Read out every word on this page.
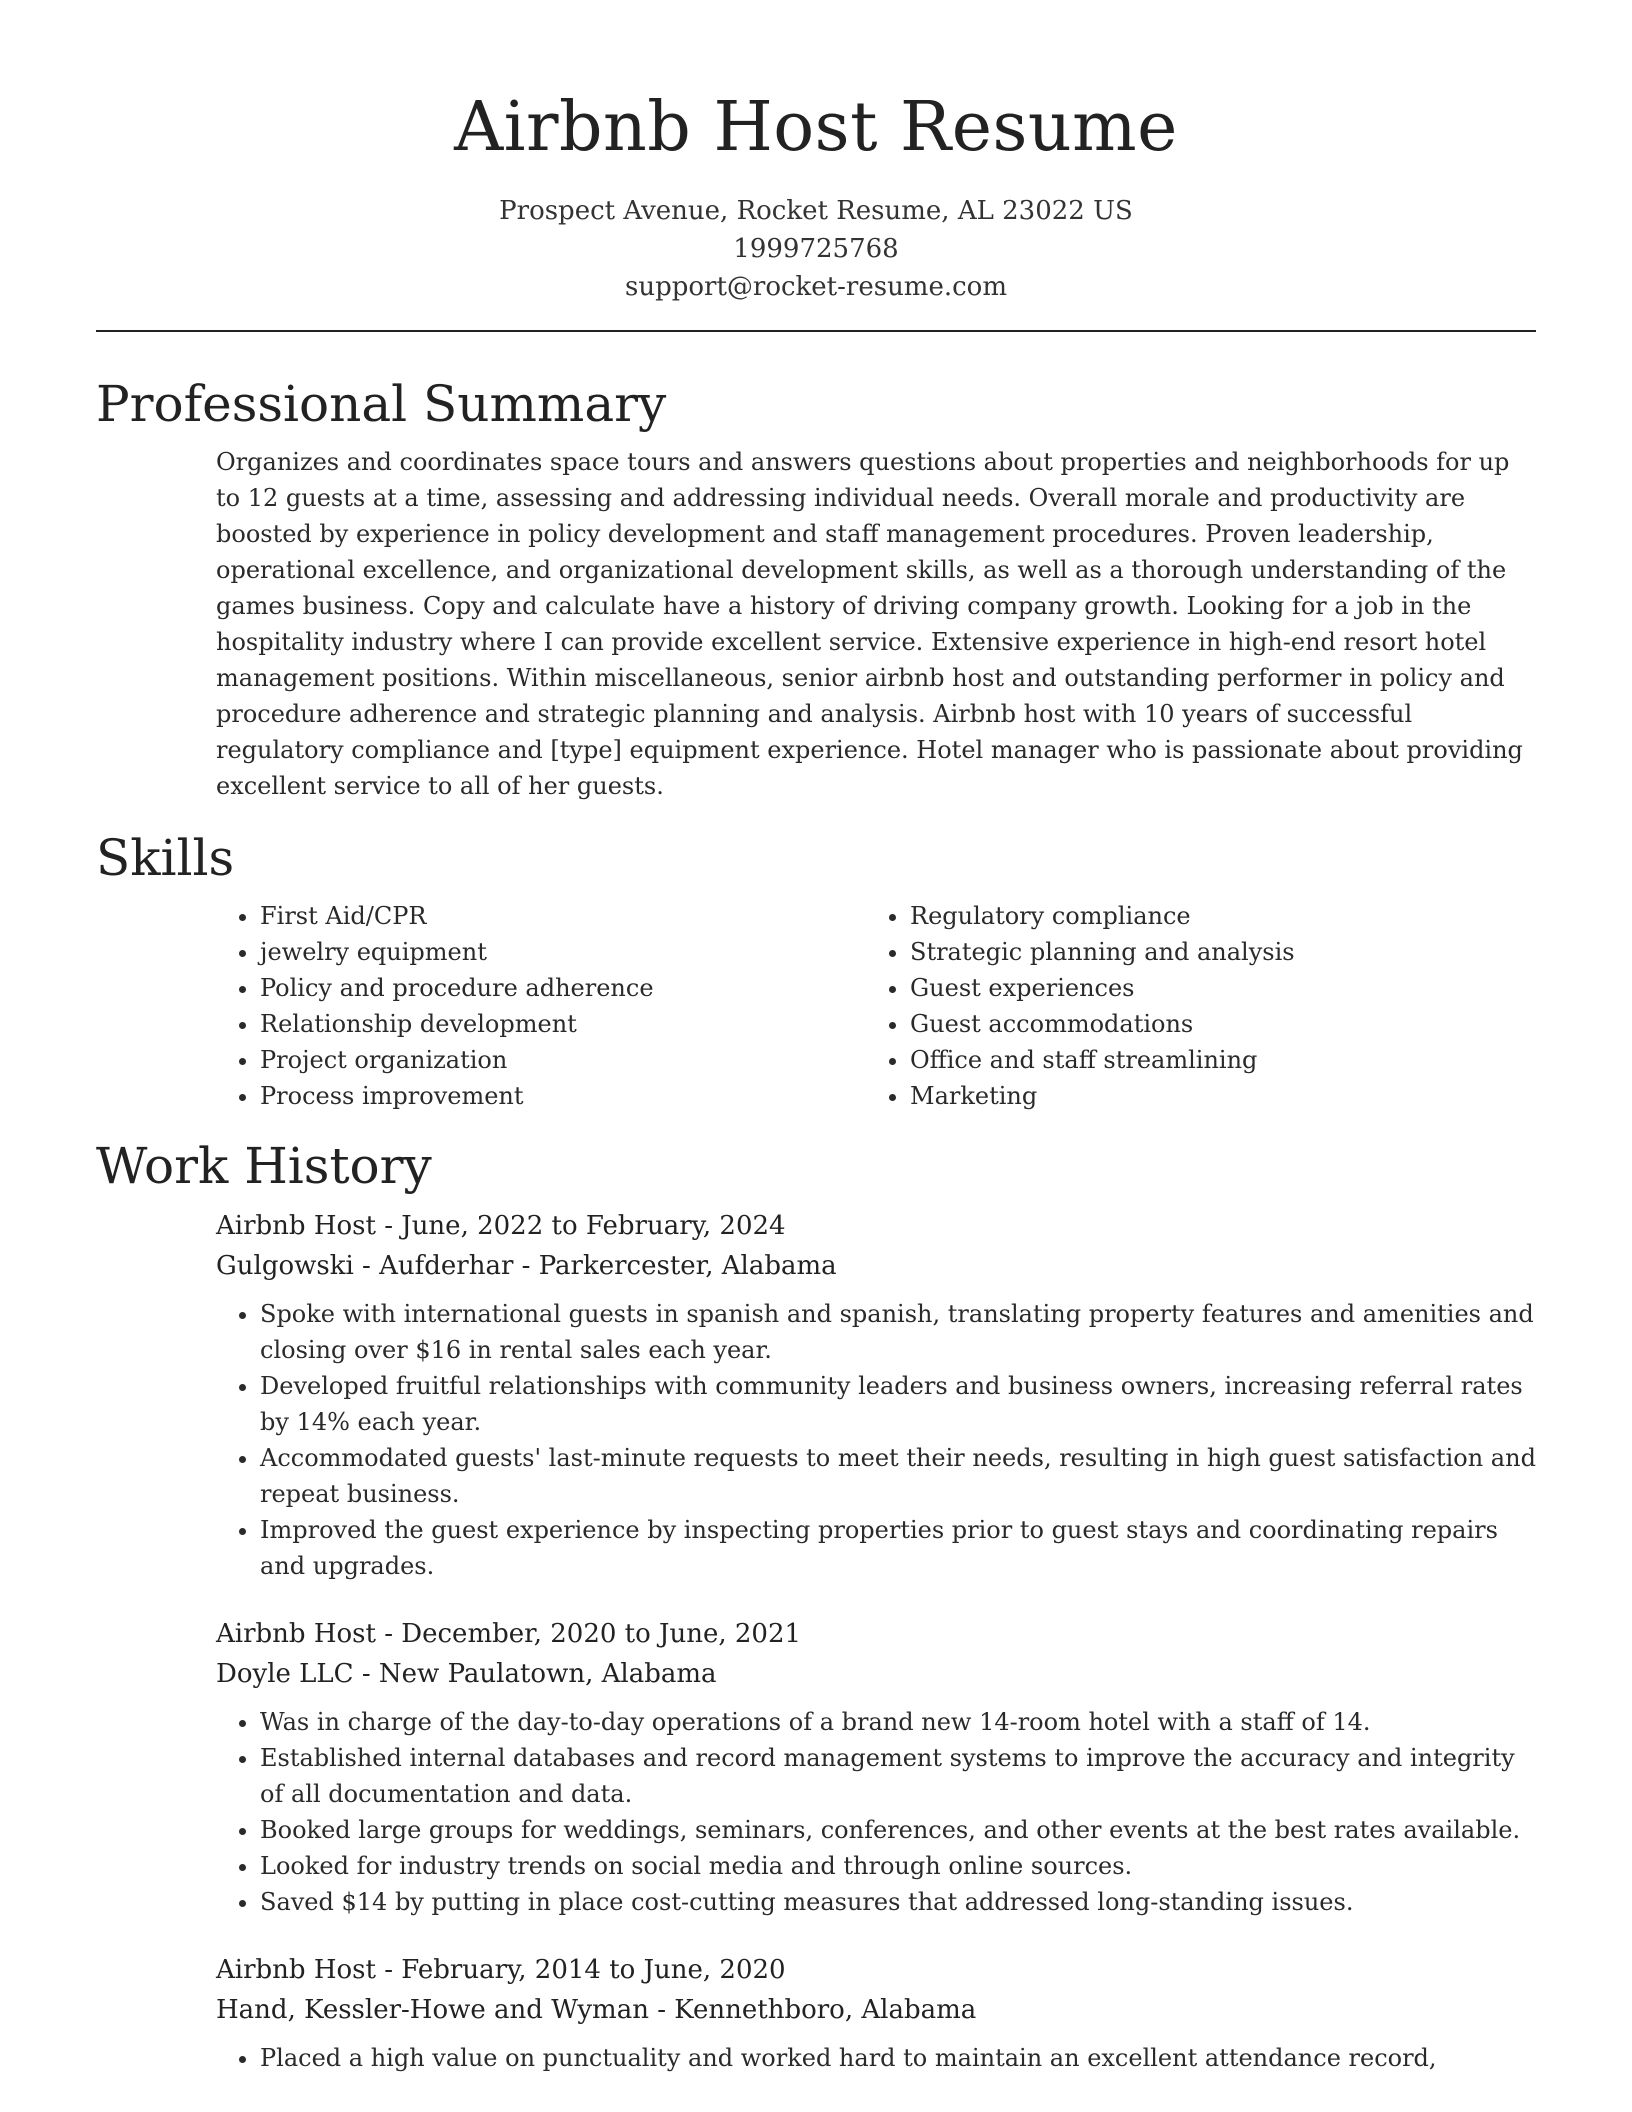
Airbnb Host Resume
Prospect Avenue, Rocket Resume, AL 23022 US
1999725768
support@rocket-resume.com
Professional Summary

Organizes and coordinates space tours and answers questions about properties and neighborhoods for up to 12 guests at a time, assessing and addressing individual needs. Overall morale and productivity are boosted by experience in policy development and staff management procedures. Proven leadership, operational excellence, and organizational development skills, as well as a thorough understanding of the games business. Copy and calculate have a history of driving company growth. Looking for a job in the hospitality industry where I can provide excellent service. Extensive experience in high-end resort hotel management positions. Within miscellaneous, senior airbnb host and outstanding performer in policy and procedure adherence and strategic planning and analysis. Airbnb host with 10 years of successful regulatory compliance and [type] equipment experience. Hotel manager who is passionate about providing excellent service to all of her guests.

Skills
• First Aid/CPR
• jewelry equipment
• Policy and procedure adherence
• Relationship development
• Project organization
• Process improvement
• Regulatory compliance
• Strategic planning and analysis
• Guest experiences
• Guest accommodations
• Office and staff streamlining
• Marketing
Work History
Airbnb Host - June, 2022 to February, 2024
Gulgowski - Aufderhar - Parkercester, Alabama
• Spoke with international guests in spanish and spanish, translating property features and amenities and closing over $16 in rental sales each year.
• Developed fruitful relationships with community leaders and business owners, increasing referral rates by 14% each year.
• Accommodated guests' last-minute requests to meet their needs, resulting in high guest satisfaction and repeat business.
• Improved the guest experience by inspecting properties prior to guest stays and coordinating repairs and upgrades.
Airbnb Host - December, 2020 to June, 2021
Doyle LLC - New Paulatown, Alabama
• Was in charge of the day-to-day operations of a brand new 14-room hotel with a staff of 14.
• Established internal databases and record management systems to improve the accuracy and integrity of all documentation and data.
• Booked large groups for weddings, seminars, conferences, and other events at the best rates available.
• Looked for industry trends on social media and through online sources.
• Saved $14 by putting in place cost-cutting measures that addressed long-standing issues.
Airbnb Host - February, 2014 to June, 2020
Hand, Kessler-Howe and Wyman - Kennethboro, Alabama
• Placed a high value on punctuality and worked hard to maintain an excellent attendance record,
